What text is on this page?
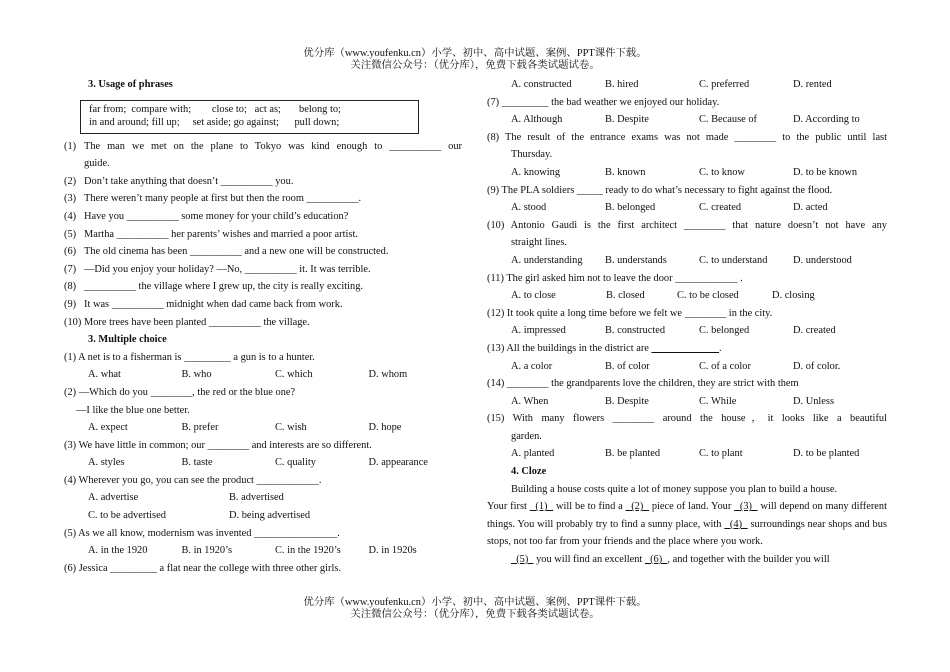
优分库（www.youfenku.cn）小学、初中、高中试题、案例、PPT课件下载。
关注微信公众号：（优分库），免费下载各类试题试卷。
3. Usage of phrases
far from;  compare with;        close to;   act as;       belong to;
in and around; fill up;     set aside; go against;      pull down;
(1) The man we met on the plane to Tokyo was kind enough to __________ our
guide.
(2) Don’t take anything that doesn’t __________ you.
(3) There weren’t many people at first but then the room __________.
(4) Have you __________ some money for your child’s education?
(5) Martha __________ her parents’ wishes and married a poor artist.
(6) The old cinema has been __________ and a new one will be constructed.
(7) —Did you enjoy your holiday? —No, __________ it. It was terrible.
(8) __________ the village where I grew up, the city is really exciting.
(9) It was __________ midnight when dad came back from work.
(10) More trees have been planted __________ the village.
3. Multiple choice
(1) A net is to a fisherman is _________ a gun is to a hunter.
A. what	B. who	C. which	D. whom
(2) —Which do you ________, the red or the blue one?
—I like the blue one better.
A. expect	B. prefer	C. wish	D. hope
(3) We have little in common; our ________ and interests are so different.
A. styles	B. taste	C. quality	D. appearance
(4) Wherever you go, you can see the product ____________.
A. advertise	B. advertised
C. to be advertised	D. being advertised
(5) As we all know, modernism was invented ________________.
A. in the 1920	B. in 1920’s	C. in the 1920’s	D. in 1920s
(6) Jessica _________ a flat near the college with three other girls.
A. constructed	B. hired	C. preferred	D. rented
(7) _________ the bad weather we enjoyed our holiday.
A. Although	B. Despite	C. Because of	D. According to
(8) The result of the entrance exams was not made ________ to the public until last
Thursday.
A. knowing	B. known	C. to know	D. to be known
(9) The PLA soldiers _____ ready to do what’s necessary to fight against the flood.
A. stood	B. belonged	C. created	D. acted
(10) Antonio Gaudi is the first architect ________ that nature doesn’t not have any
straight lines.
A. understanding	B. understands	C. to understand	D. understood
(11) The girl asked him not to leave the door ____________ .
A. to close	B. closed	C. to be closed	D. closing
(12) It took quite a long time before we felt we ________ in the city.
A. impressed	B. constructed	C. belonged	D. created
(13) All the buildings in the district are _____________.
A. a color	B. of color	C. of a color	D. of color.
(14) ________ the grandparents love the children, they are strict with them
A. When	B. Despite	C. While	D. Unless
(15) With many flowers ________ around the house，it looks like a beautiful
garden.
A. planted	B. be planted	C. to plant	D. to be planted
4. Cloze
Building a house costs quite a lot of money suppose you plan to build a house.
Your first   (1)   will be to find a   (2)   piece of land. Your   (3)   will depend on many different things. You will probably try to find a sunny place, with   (4)   surroundings near shops and bus stops, not too far from your friends and the place where you work.
(5)   you will find an excellent   (6)  , and together with the builder you will
优分库（www.youfenku.cn）小学、初中、高中试题、案例、PPT课件下载。
关注微信公众号：（优分库），免费下载各类试题试卷。
